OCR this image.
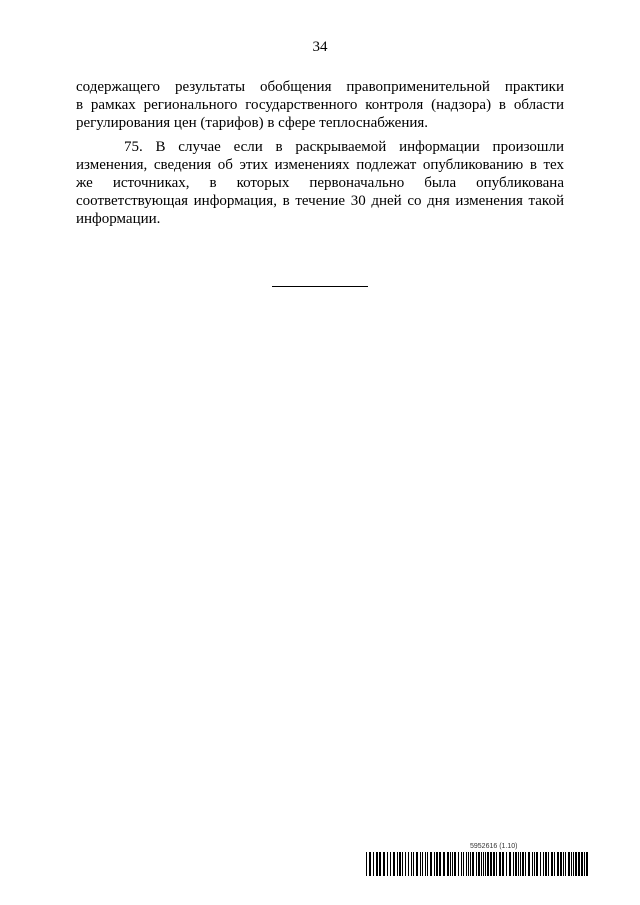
34
содержащего результаты обобщения правоприменительной практики
в рамках регионального государственного контроля (надзора) в области
регулирования цен (тарифов) в сфере теплоснабжения.
75. В случае если в раскрываемой информации произошли
изменения, сведения об этих изменениях подлежат опубликованию в тех
же источниках, в которых первоначально была опубликована
соответствующая информация, в течение 30 дней со дня изменения такой
информации.
5952616 (1.10)
